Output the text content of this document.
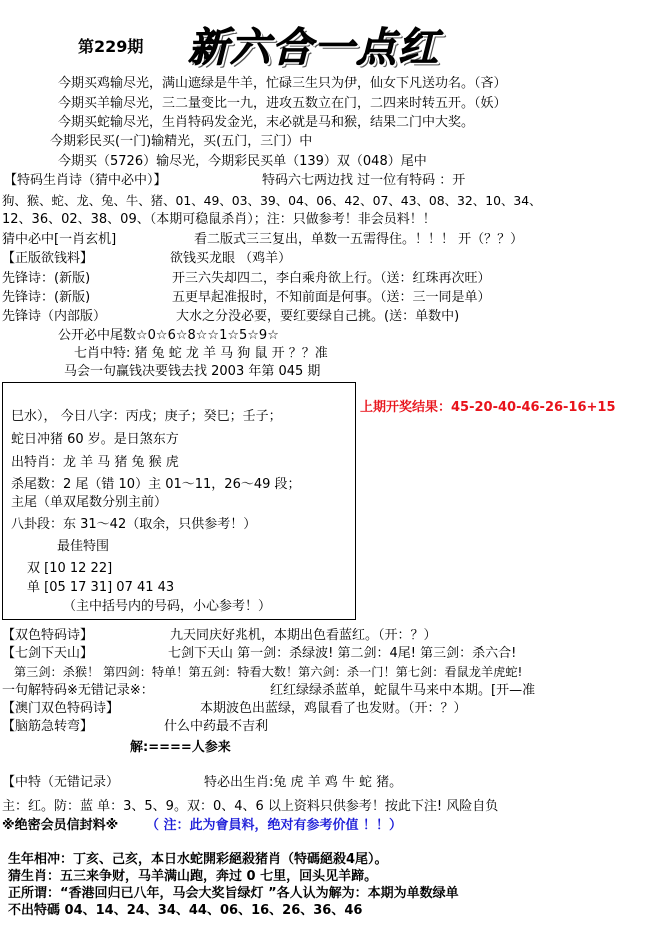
第229期 新六合一点红
今期买鸡输尽光，满山遮绿是牛羊，忙碌三生只为伊，仙女下凡送功名。（吝）
今期买羊输尽光，三二量变比一九，进攻五数立在门，二四来时转五开。（妖）
今期买蛇输尽光，生肖特码发金光，末必就是马和猴，结果二门中大奖。
今期彩民买(一门)输精光，买(五门，三门）中
今期买（5726）输尽光，今期彩民买单（139）双（048）尾中
【特码生肖诗（猜中必中）】	特码六七两边找 过一位有特码 ：开
狗、猴、蛇、龙、兔、牛、猪、01、49、03、39、04、06、42、07、43、08、32、10、34、
12、36、02、38、09、（本期可稳鼠杀肖）；注：只做参考！非会员料！！
猜中必中[一肖玄机]	看二版式三三复出，单数一五需得住。！！！ 开（？？）
【正版欲钱料】	欲钱买龙眼 （鸡羊）
先锋诗：(新版)	开三六失却四二，李白乘舟欲上行。（送：红珠再次旺）
先锋诗：(新版)	五更早起准报时，不知前面是何事。（送：三一同是单）
先锋诗（内部版）	大水之分没必要，要红要绿自己挑。(送：单数中)
公开必中尾数☆0☆6☆8☆☆1☆5☆9☆
七肖中特: 猪 兔 蛇 龙 羊 马 狗 鼠 开 ？？准
马会一句赢钱决要钱去找 2003 年第 045 期
巳水）， 今日八字：丙戌；庚子；癸巳；壬子；
蛇日冲猪 60 岁。是日煞东方
出特肖：龙 羊 马 猪 兔 猴 虎
杀尾数：2 尾（错 10）主 01～11，26～49 段；
主尾（单双尾数分别主前）
八卦段：东 31～42（取余，只供参考！）
最佳特围
双 [10 12 22]
单 [05 17 31] 07 41 43
（主中括号内的号码，小心参考！）
上期开奖结果：45-20-40-46-26-16+15
【双色特码诗】	九天同庆好兆机，本期出色看蓝红。（开：？）
【七剑下天山】	七剑下天山 第一剑：杀绿波! 第二剑：4尾! 第三剑：杀六合!
第三剑：杀猴！ 第四剑：特单！第五剑：特看大数！第六剑：杀一门！第七剑：看鼠龙羊虎蛇!
一句解特码※无错记录※：	红红绿绿杀蓝单，蛇鼠牛马来中本期。[开—准
【澳门双色特码诗】	本期波色出蓝绿，鸡鼠看了也发财。（开：？）
【脑筋急转弯】	什么中药最不吉利
解:====人参来
【中特（无错记录）	特必出生肖:兔 虎 羊 鸡 牛 蛇 猪。
主：红。防：蓝 单：3、5、9。双：0、4、6 以上资料只供参考！按此下注! 风险自负
※绝密会员信封料※ （ 注：此为會員料，绝对有参考价值 ！！）
生年相冲：丁亥、己亥，本日水蛇開彩絕殺猪肖（特碼絕殺4尾）。
猜生肖：五三来争财，马羊满山跑，奔过 0 七里，回头见羊蹄。
正所谓：“香港回归已八年，马会大奖旨绿灯 ”各人认为解为：本期为单数绿单
不出特碼 04、14、24、34、44、06、16、26、36、46
